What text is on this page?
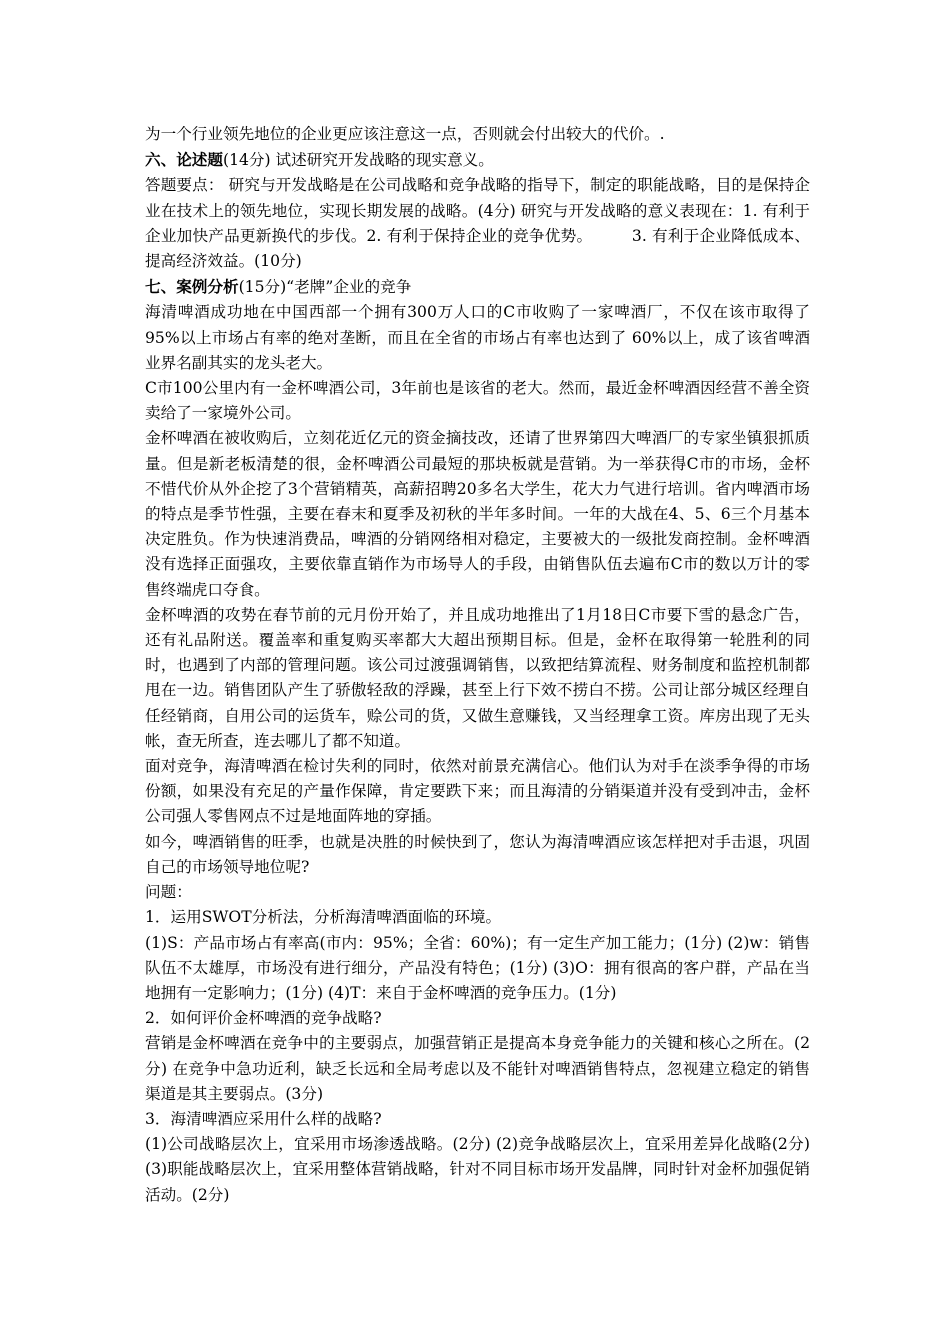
为一个行业领先地位的企业更应该注意这一点，否则就会付出较大的代价。.

六、论述题(14分) 试述研究开发战略的现实意义。

答题要点： 研究与开发战略是在公司战略和竞争战略的指导下，制定的职能战略，目的是保持企业在技术上的领先地位，实现长期发展的战略。(4分) 研究与开发战略的意义表现在：1. 有利于企业加快产品更新换代的步伐。2. 有利于保持企业的竞争优势。　　　3. 有利于企业降低成本、提高经济效益。(10分)

七、案例分析(15分)“老牌”企业的竞争

海清啤酒成功地在中国西部一个拥有300万人口的C市收购了一家啤酒厂，不仅在该市取得了95%以上市场占有率的绝对垄断，而且在全省的市场占有率也达到了 60%以上，成了该省啤酒业界名副其实的龙头老大。

C市100公里内有一金杯啤酒公司，3年前也是该省的老大。然而，最近金杯啤酒因经营不善全资卖给了一家境外公司。

金杯啤酒在被收购后，立刻花近亿元的资金摘技改，还请了世界第四大啤酒厂的专家坐镇狠抓质量。但是新老板清楚的很，金杯啤酒公司最短的那块板就是营销。为一举获得C市的市场，金杯不惜代价从外企挖了3个营销精英，高薪招聘20多名大学生，花大力气进行培训。省内啤酒市场的特点是季节性强，主要在春末和夏季及初秋的半年多时间。一年的大战在4、5、6三个月基本决定胜负。作为快速消费品，啤酒的分销网络相对稳定，主要被大的一级批发商控制。金杯啤酒没有选择正面强攻，主要依靠直销作为市场导人的手段，由销售队伍去遍布C市的数以万计的零售终端虎口夺食。

金杯啤酒的攻势在春节前的元月份开始了，并且成功地推出了1月18日C市要下雪的悬念广告，还有礼品附送。覆盖率和重复购买率都大大超出预期目标。但是，金杯在取得第一轮胜利的同时，也遇到了内部的管理问题。该公司过渡强调销售，以致把结算流程、财务制度和监控机制都甩在一边。销售团队产生了骄傲轻敌的浮躁，甚至上行下效不捞白不捞。公司让部分城区经理自任经销商，自用公司的运货车，赊公司的货，又做生意赚钱，又当经理拿工资。库房出现了无头帐，查无所查，连去哪儿了都不知道。

面对竞争，海清啤酒在检讨失利的同时，依然对前景充满信心。他们认为对手在淡季争得的市场份额，如果没有充足的产量作保障，肯定要跌下来；而且海清的分销渠道并没有受到冲击，金杯公司强人零售网点不过是地面阵地的穿插。

如今，啤酒销售的旺季，也就是决胜的时候快到了，您认为海清啤酒应该怎样把对手击退，巩固自己的市场领导地位呢?

问题：

1．运用SWOT分析法，分析海清啤酒面临的环境。

(1)S：产品市场占有率高(市内：95%；全省：60%)；有一定生产加工能力；(1分) (2)w：销售队伍不太雄厚，市场没有进行细分，产品没有特色；(1分) (3)O：拥有很高的客户群，产品在当地拥有一定影响力；(1分) (4)T：来自于金杯啤酒的竞争压力。(1分)

2．如何评价金杯啤酒的竞争战略?

营销是金杯啤酒在竞争中的主要弱点，加强营销正是提高本身竞争能力的关键和核心之所在。(2分) 在竞争中急功近利，缺乏长远和全局考虑以及不能针对啤酒销售特点，忽视建立稳定的销售渠道是其主要弱点。(3分)

3．海清啤酒应采用什么样的战略?

(1)公司战略层次上，宜采用市场渗透战略。(2分) (2)竞争战略层次上，宜采用差异化战略(2分) (3)职能战略层次上，宜采用整体营销战略，针对不同目标市场开发晶牌，同时针对金杯加强促销活动。(2分)
